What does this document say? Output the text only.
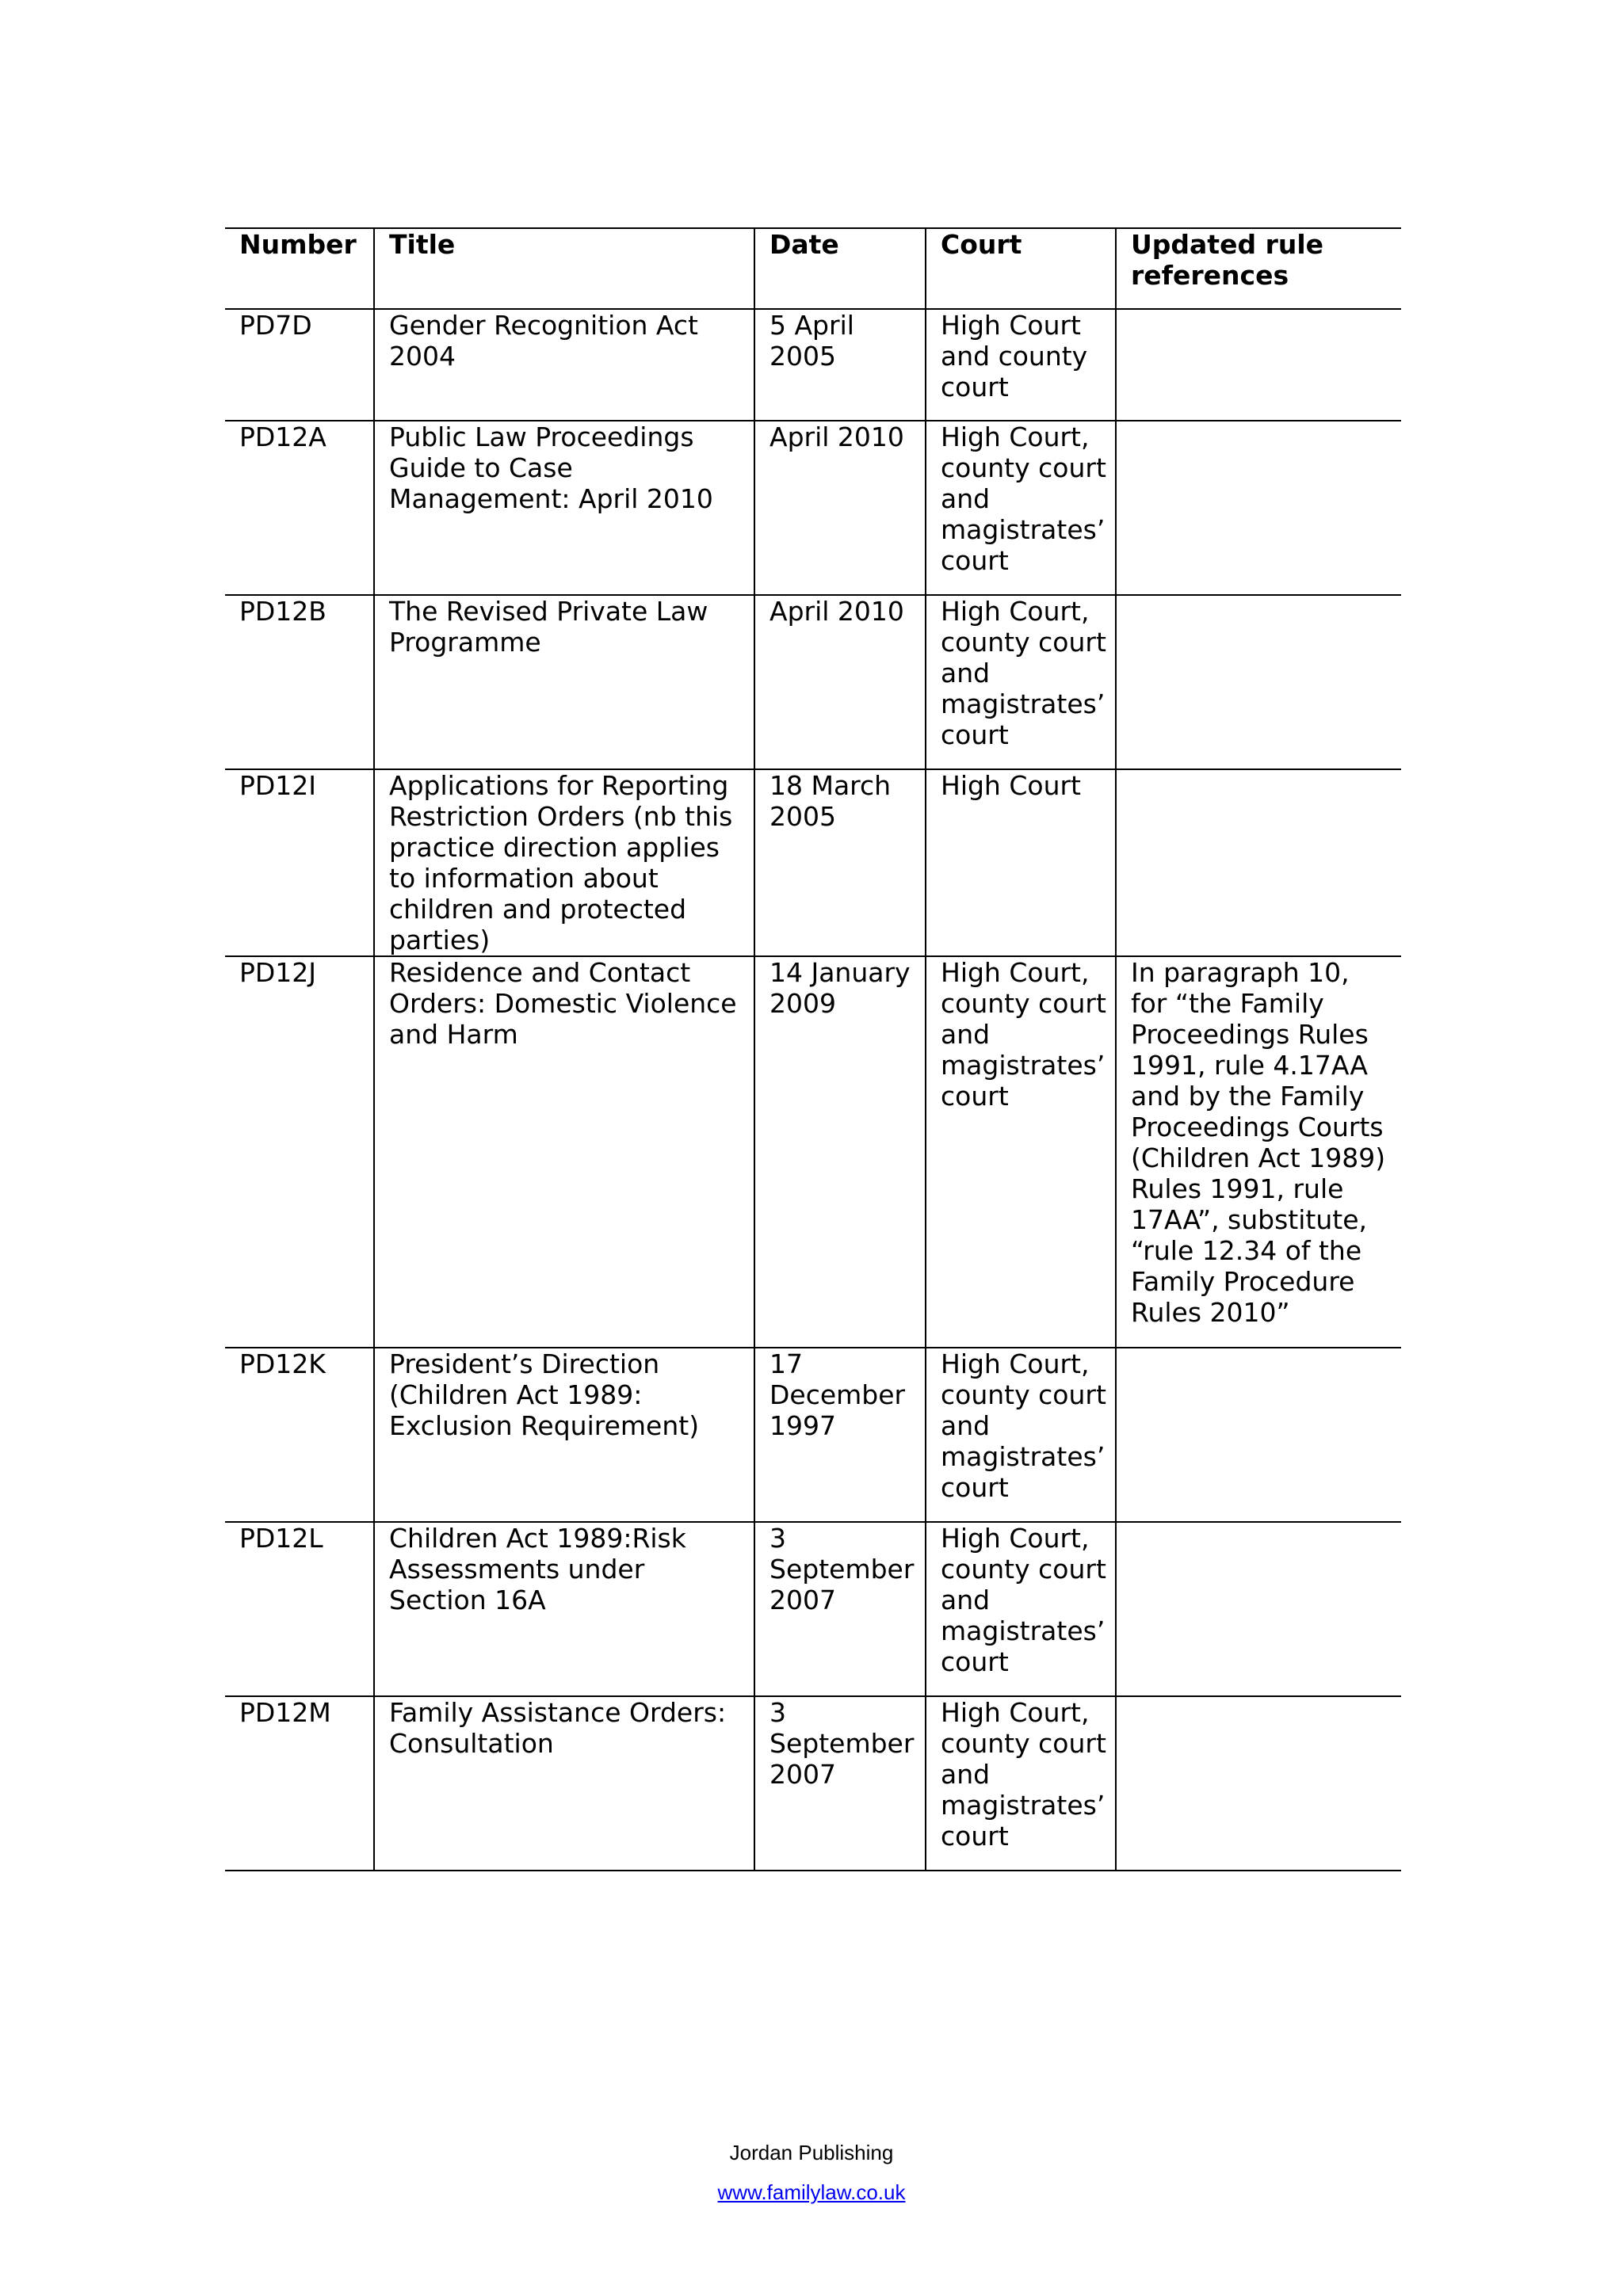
Number	Title	Date	Court	Updated rule references
PD7D	Gender Recognition Act 2004	5 April 2005	High Court and county court	
PD12A	Public Law Proceedings Guide to Case Management: April 2010	April 2010	High Court, county court and magistrates’ court	
PD12B	The Revised Private Law Programme	April 2010	High Court, county court and magistrates’ court	
PD12I	Applications for Reporting Restriction Orders (nb this practice direction applies to information about children and protected parties)	18 March 2005	High Court	
PD12J	Residence and Contact Orders: Domestic Violence and Harm	14 January 2009	High Court, county court and magistrates’ court	In paragraph 10, for “the Family Proceedings Rules 1991, rule 4.17AA and by the Family Proceedings Courts (Children Act 1989) Rules 1991, rule 17AA”, substitute, “rule 12.34 of the Family Procedure Rules 2010”
PD12K	President’s Direction (Children Act 1989: Exclusion Requirement)	17 December 1997	High Court, county court and magistrates’ court	
PD12L	Children Act 1989:Risk Assessments under Section 16A	3 September 2007	High Court, county court and magistrates’ court	
PD12M	Family Assistance Orders: Consultation	3 September 2007	High Court, county court and magistrates’ court	
Jordan Publishing
www.familylaw.co.uk
